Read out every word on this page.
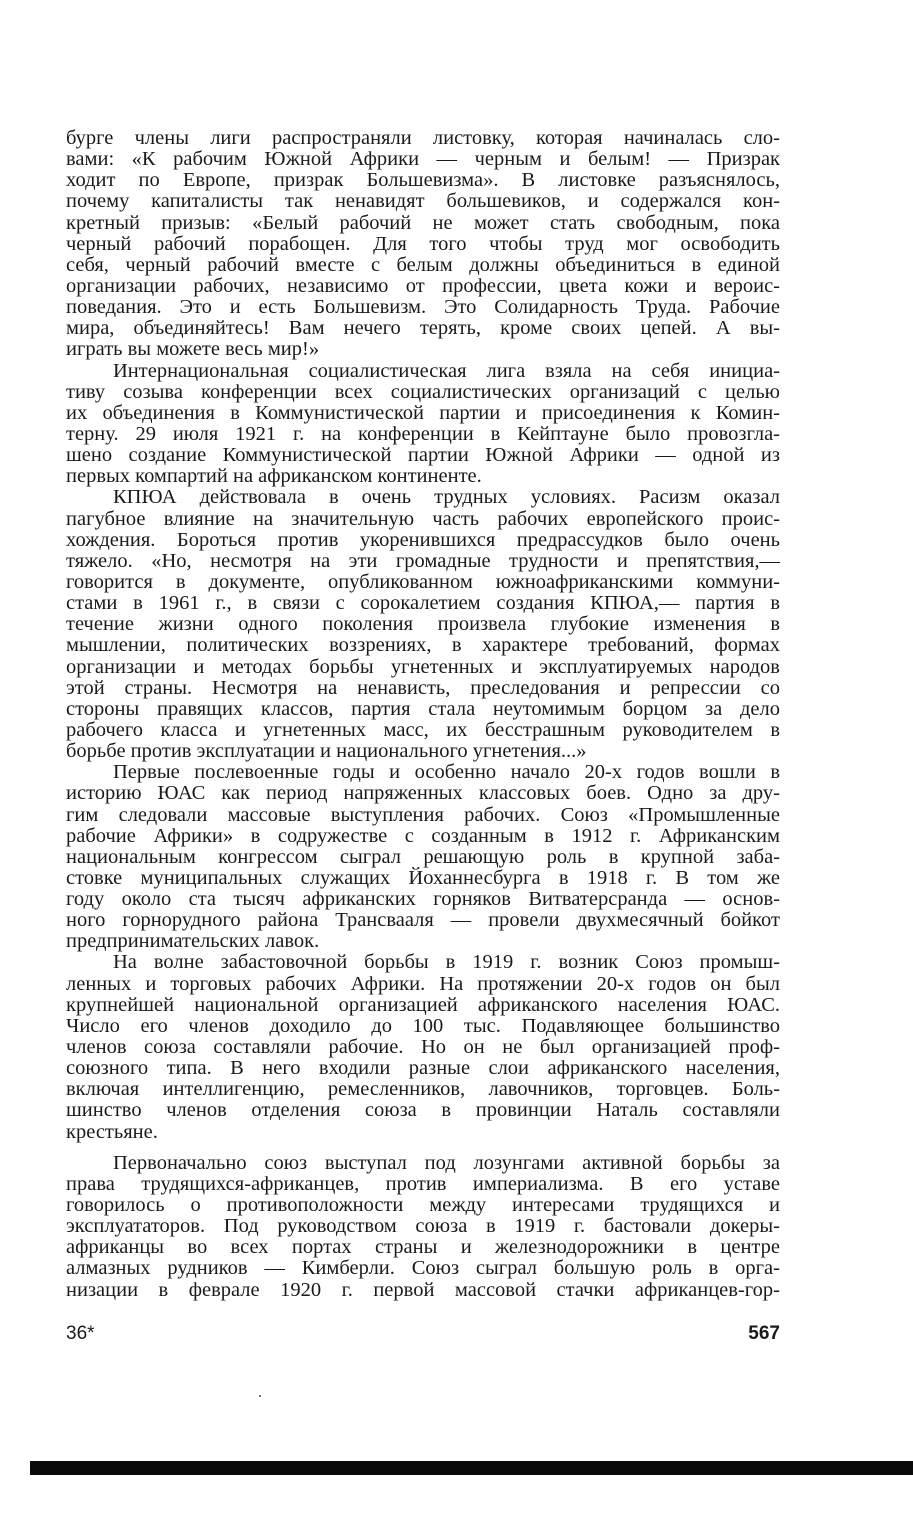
бурге члены лиги распространяли листовку, которая начиналась сло-
вами: «К рабочим Южной Африки — черным и белым! — Призрак
ходит по Европе, призрак Большевизма». В листовке разъяснялось,
почему капиталисты так ненавидят большевиков, и содержался кон-
кретный призыв: «Белый рабочий не может стать свободным, пока
черный рабочий порабощен. Для того чтобы труд мог освободить
себя, черный рабочий вместе с белым должны объединиться в единой
организации рабочих, независимо от профессии, цвета кожи и вероис-
поведания. Это и есть Большевизм. Это Солидарность Труда. Рабочие
мира, объединяйтесь! Вам нечего терять, кроме своих цепей. А вы-
играть вы можете весь мир!»
Интернациональная социалистическая лига взяла на себя инициа-
тиву созыва конференции всех социалистических организаций с целью
их объединения в Коммунистической партии и присоединения к Комин-
терну. 29 июля 1921 г. на конференции в Кейптауне было провозгла-
шено создание Коммунистической партии Южной Африки — одной из
первых компартий на африканском континенте.
КПЮА действовала в очень трудных условиях. Расизм оказал
пагубное влияние на значительную часть рабочих европейского проис-
хождения. Бороться против укоренившихся предрассудков было очень
тяжело. «Но, несмотря на эти громадные трудности и препятствия,—
говорится в документе, опубликованном южноафриканскими коммуни-
стами в 1961 г., в связи с сорокалетием создания КПЮА,— партия в
течение жизни одного поколения произвела глубокие изменения в
мышлении, политических воззрениях, в характере требований, формах
организации и методах борьбы угнетенных и эксплуатируемых народов
этой страны. Несмотря на ненависть, преследования и репрессии со
стороны правящих классов, партия стала неутомимым борцом за дело
рабочего класса и угнетенных масс, их бесстрашным руководителем в
борьбе против эксплуатации и национального угнетения...»
Первые послевоенные годы и особенно начало 20-х годов вошли в
историю ЮАС как период напряженных классовых боев. Одно за дру-
гим следовали массовые выступления рабочих. Союз «Промышленные
рабочие Африки» в содружестве с созданным в 1912 г. Африканским
национальным конгрессом сыграл решающую роль в крупной заба-
стовке муниципальных служащих Йоханнесбурга в 1918 г. В том же
году около ста тысяч африканских горняков Витватерсранда — основ-
ного горнорудного района Трансвааля — провели двухмесячный бойкот
предпринимательских лавок.
На волне забастовочной борьбы в 1919 г. возник Союз промыш-
ленных и торговых рабочих Африки. На протяжении 20-х годов он был
крупнейшей национальной организацией африканского населения ЮАС.
Число его членов доходило до 100 тыс. Подавляющее большинство
членов союза составляли рабочие. Но он не был организацией проф-
союзного типа. В него входили разные слои африканского населения,
включая интеллигенцию, ремесленников, лавочников, торговцев. Боль-
шинство членов отделения союза в провинции Наталь составляли
крестьяне.
Первоначально союз выступал под лозунгами активной борьбы за
права трудящихся-африканцев, против империализма. В его уставе
говорилось о противоположности между интересами трудящихся и
эксплуататоров. Под руководством союза в 1919 г. бастовали докеры-
африканцы во всех портах страны и железнодорожники в центре
алмазных рудников — Кимберли. Союз сыграл большую роль в орга-
низации в феврале 1920 г. первой массовой стачки африканцев-гор-
36*	567
